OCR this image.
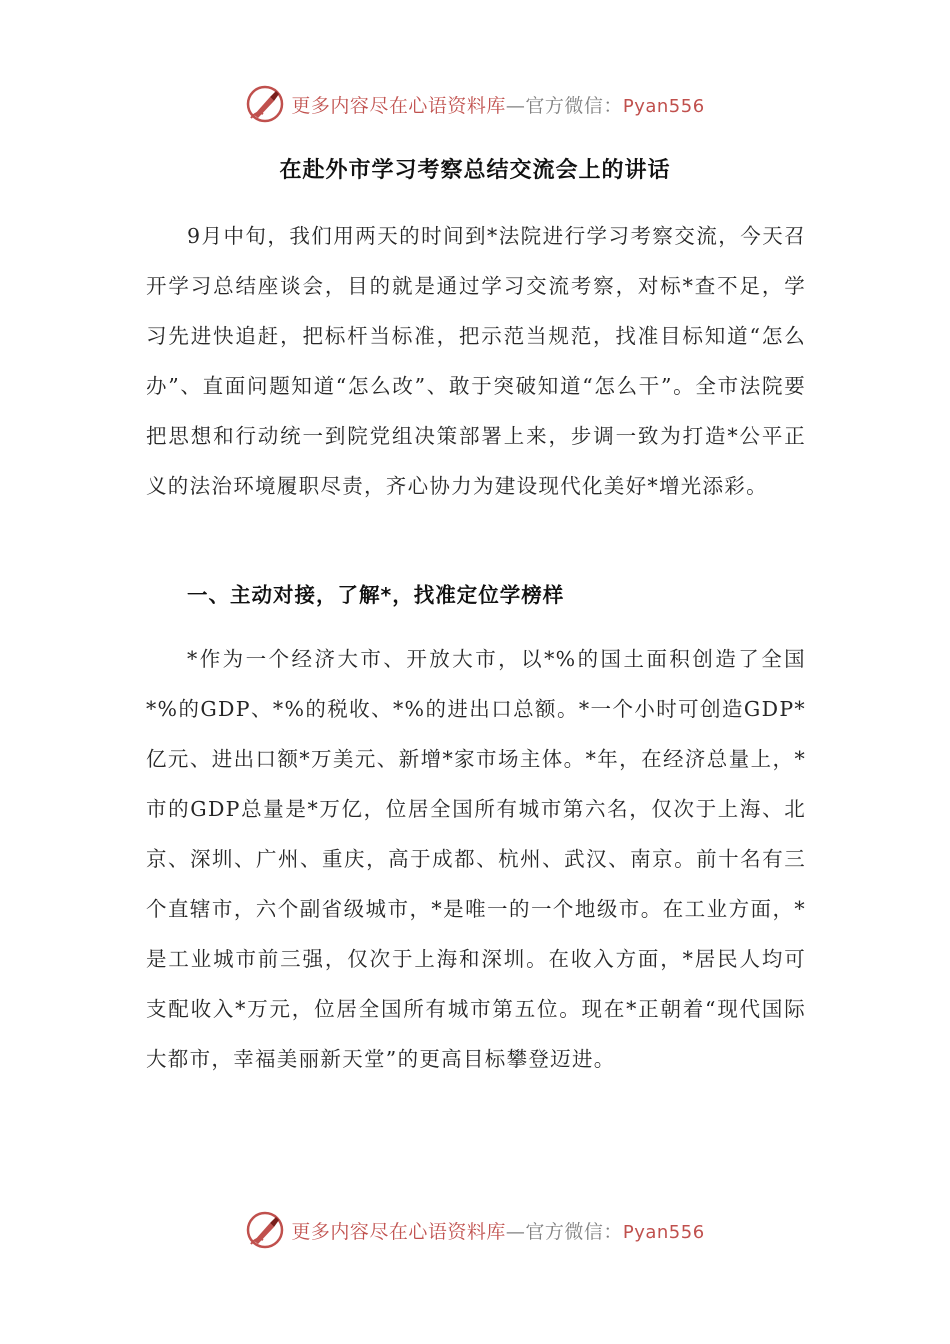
更多内容尽在心语资料库—官方微信：Pyan556
在赴外市学习考察总结交流会上的讲话

9月中旬，我们用两天的时间到*法院进行学习考察交流，今天召开学习总结座谈会，目的就是通过学习交流考察，对标*查不足，学习先进快追赶，把标杆当标准，把示范当规范，找准目标知道“怎么办”、直面问题知道“怎么改”、敢于突破知道“怎么干”。全市法院要把思想和行动统一到院党组决策部署上来，步调一致为打造*公平正义的法治环境履职尽责，齐心协力为建设现代化美好*增光添彩。

一、主动对接，了解*，找准定位学榜样

*作为一个经济大市、开放大市，以*%的国土面积创造了全国*%的GDP、*%的税收、*%的进出口总额。*一个小时可创造GDP*亿元、进出口额*万美元、新增*家市场主体。*年，在经济总量上，*市的GDP总量是*万亿，位居全国所有城市第六名，仅次于上海、北京、深圳、广州、重庆，高于成都、杭州、武汉、南京。前十名有三个直辖市，六个副省级城市，*是唯一的一个地级市。在工业方面，*是工业城市前三强，仅次于上海和深圳。在收入方面，*居民人均可支配收入*万元，位居全国所有城市第五位。现在*正朝着“现代国际大都市，幸福美丽新天堂”的更高目标攀登迈进。

更多内容尽在心语资料库—官方微信：Pyan556
